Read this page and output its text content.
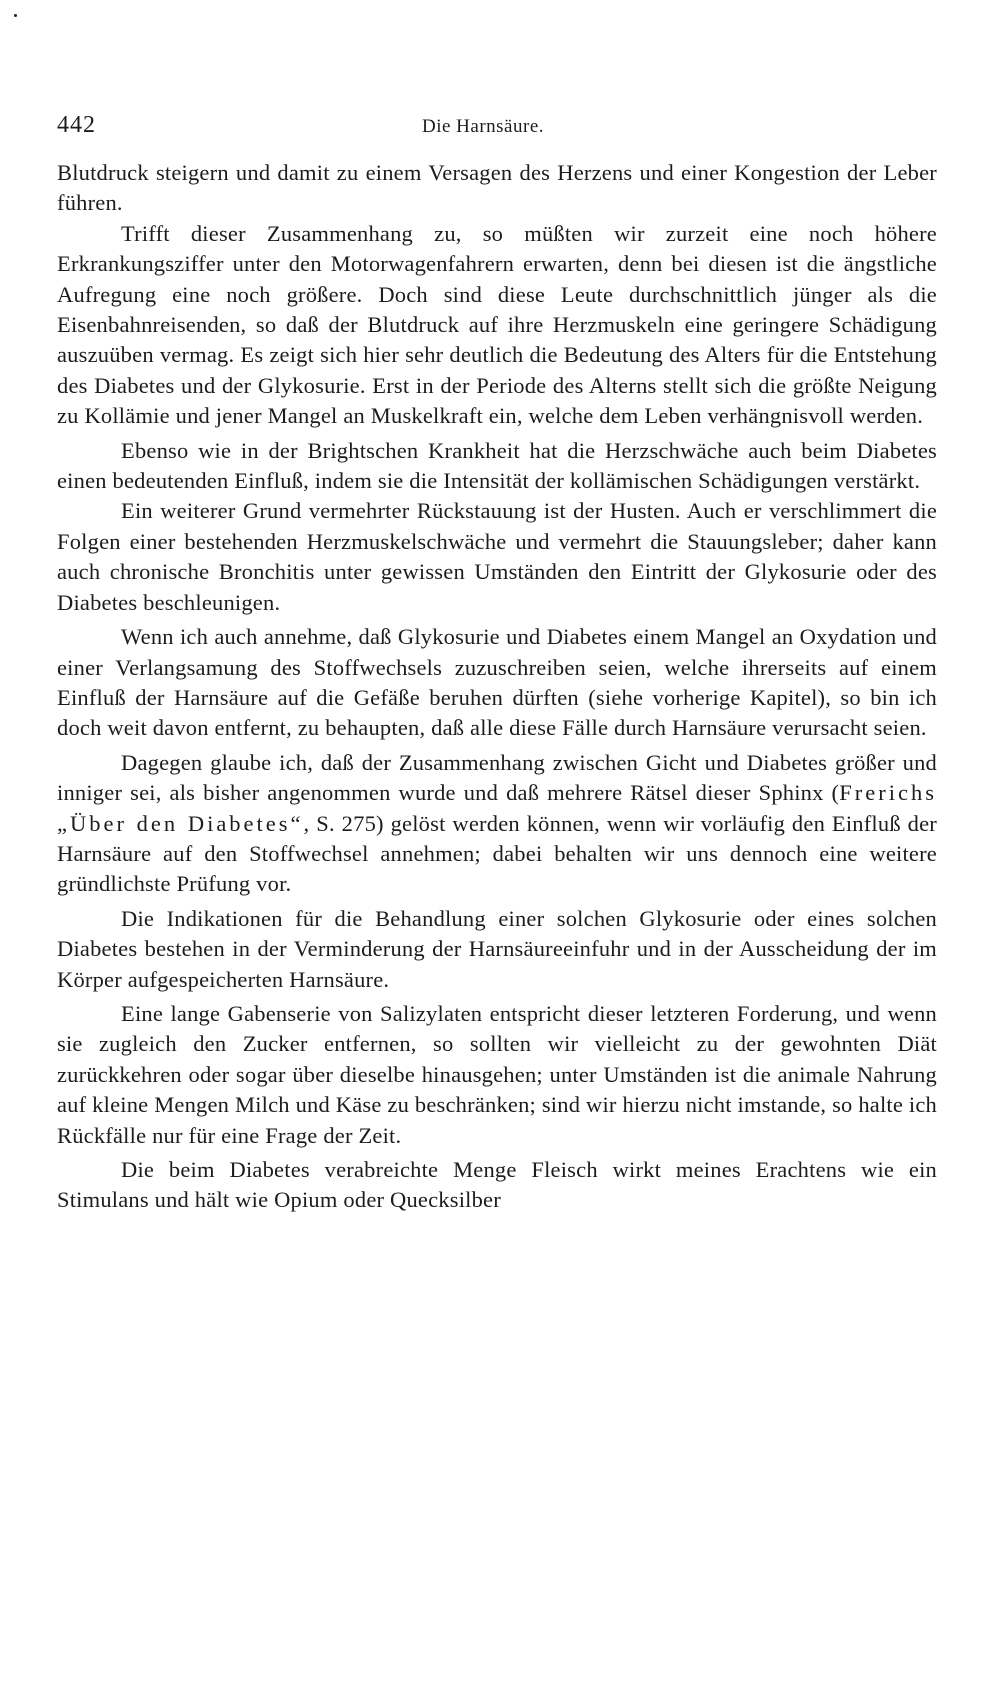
442	Die Harnsäure.

Blutdruck steigern und damit zu einem Versagen des Herzens und einer Kongestion der Leber führen.

Trifft dieser Zusammenhang zu, so müßten wir zurzeit eine noch höhere Erkrankungsziffer unter den Motorwagenfahrern erwarten, denn bei diesen ist die ängstliche Aufregung eine noch größere. Doch sind diese Leute durchschnittlich jünger als die Eisenbahnreisenden, so daß der Blutdruck auf ihre Herzmuskeln eine geringere Schädigung auszuüben vermag. Es zeigt sich hier sehr deutlich die Bedeutung des Alters für die Entstehung des Diabetes und der Glykosurie. Erst in der Periode des Alterns stellt sich die größte Neigung zu Kollämie und jener Mangel an Muskelkraft ein, welche dem Leben verhängnisvoll werden.

Ebenso wie in der Brightschen Krankheit hat die Herzschwäche auch beim Diabetes einen bedeutenden Einfluß, indem sie die Intensität der kollämischen Schädigungen verstärkt.

Ein weiterer Grund vermehrter Rückstauung ist der Husten. Auch er verschlimmert die Folgen einer bestehenden Herzmuskelschwäche und vermehrt die Stauungsleber; daher kann auch chronische Bronchitis unter gewissen Umständen den Eintritt der Glykosurie oder des Diabetes beschleunigen.

Wenn ich auch annehme, daß Glykosurie und Diabetes einem Mangel an Oxydation und einer Verlangsamung des Stoffwechsels zuzuschreiben seien, welche ihrerseits auf einem Einfluß der Harnsäure auf die Gefäße beruhen dürften (siehe vorherige Kapitel), so bin ich doch weit davon entfernt, zu behaupten, daß alle diese Fälle durch Harnsäure verursacht seien.

Dagegen glaube ich, daß der Zusammenhang zwischen Gicht und Diabetes größer und inniger sei, als bisher angenommen wurde und daß mehrere Rätsel dieser Sphinx (Frerichs „Über den Diabetes“, S. 275) gelöst werden können, wenn wir vorläufig den Einfluß der Harnsäure auf den Stoffwechsel annehmen; dabei behalten wir uns dennoch eine weitere gründlichste Prüfung vor.

Die Indikationen für die Behandlung einer solchen Glykosurie oder eines solchen Diabetes bestehen in der Verminderung der Harnsäureeinfuhr und in der Ausscheidung der im Körper aufgespeicherten Harnsäure.

Eine lange Gabenserie von Salizylaten entspricht dieser letzteren Forderung, und wenn sie zugleich den Zucker entfernen, so sollten wir vielleicht zu der gewohnten Diät zurückkehren oder sogar über dieselbe hinausgehen; unter Umständen ist die animale Nahrung auf kleine Mengen Milch und Käse zu beschränken; sind wir hierzu nicht imstande, so halte ich Rückfälle nur für eine Frage der Zeit.

Die beim Diabetes verabreichte Menge Fleisch wirkt meines Erachtens wie ein Stimulans und hält wie Opium oder Quecksilber
